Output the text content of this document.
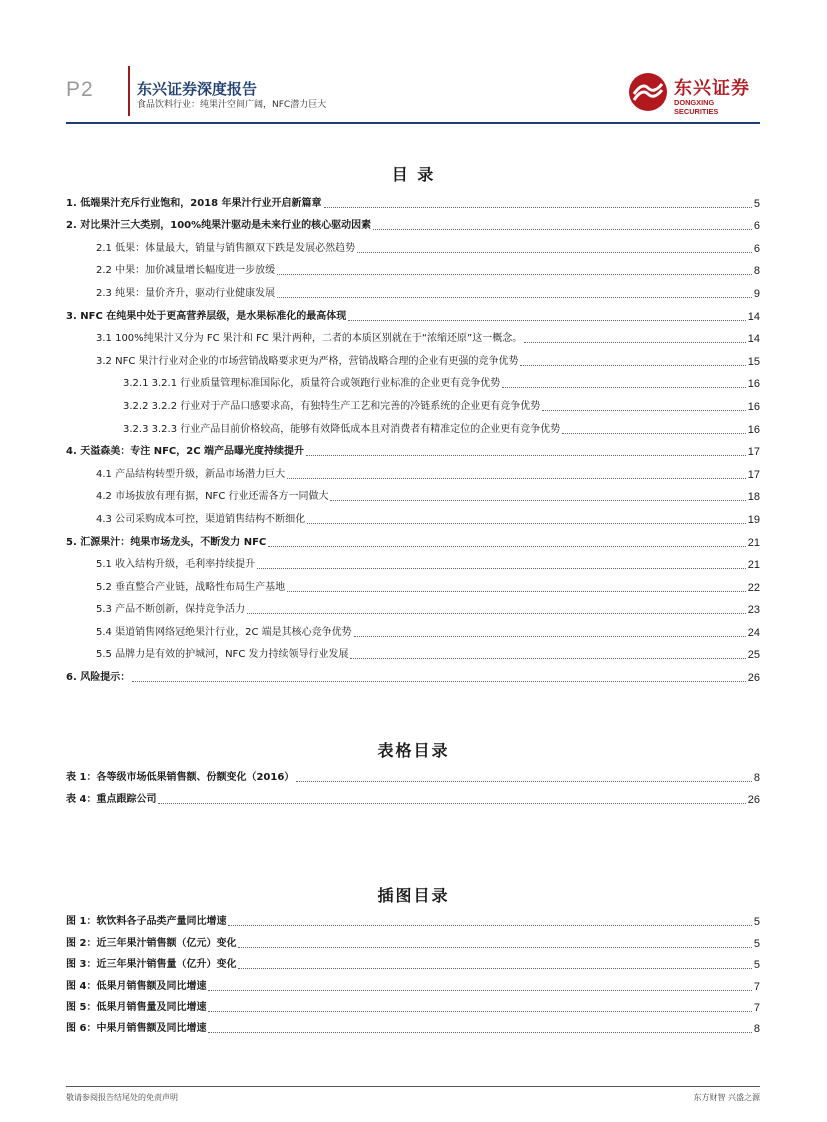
P2	东兴证券深度报告
食品饮料行业：纯果汁空间广阔，NFC潜力巨大
东兴证券
DONGXING SECURITIES
目 录
1. 低端果汁充斥行业饱和，2018 年果汁行业开启新篇章	5
2. 对比果汁三大类别，100%纯果汁驱动是未来行业的核心驱动因素	6
2.1 低果：体量最大，销量与销售额双下跌是发展必然趋势	6
2.2 中果：加价减量增长幅度进一步放缓	8
2.3 纯果：量价齐升，驱动行业健康发展	9
3. NFC 在纯果中处于更高营养层级，是水果标准化的最高体现	14
3.1 100%纯果汁又分为 FC 果汁和 FC 果汁两种，二者的本质区别就在于“浓缩还原”这一概念。	14
3.2 NFC 果汁行业对企业的市场营销战略要求更为严格，营销战略合理的企业有更强的竞争优势	15
3.2.1 3.2.1 行业质量管理标准国际化，质量符合或领跑行业标准的企业更有竞争优势	16
3.2.2 3.2.2 行业对于产品口感要求高，有独特生产工艺和完善的冷链系统的企业更有竞争优势	16
3.2.3 3.2.3 行业产品目前价格较高，能够有效降低成本且对消费者有精准定位的企业更有竞争优势	16
4. 天溢森美：专注 NFC，2C 端产品曝光度持续提升	17
4.1 产品结构转型升级，新品市场潜力巨大	17
4.2 市场拔放有理有据，NFC 行业还需各方一同做大	18
4.3 公司采购成本可控，渠道销售结构不断细化	19
5. 汇源果汁：纯果市场龙头，不断发力 NFC	21
5.1 收入结构升级，毛利率持续提升	21
5.2 垂直整合产业链，战略性布局生产基地	22
5.3 产品不断创新，保持竞争活力	23
5.4 渠道销售网络冠绝果汁行业，2C 端是其核心竞争优势	24
5.5 品牌力是有效的护城河，NFC 发力持续领导行业发展	25
6. 风险提示：	26
表格目录
表 1：各等级市场低果销售额、份额变化（2016）	8
表 4：重点跟踪公司	26
插图目录
图 1：软饮料各子品类产量同比增速	5
图 2：近三年果汁销售额（亿元）变化	5
图 3：近三年果汁销售量（亿升）变化	5
图 4：低果月销售额及同比增速	7
图 5：低果月销售量及同比增速	7
图 6：中果月销售额及同比增速	8
敬请参阅报告结尾处的免责声明	东方财智 兴盛之源
